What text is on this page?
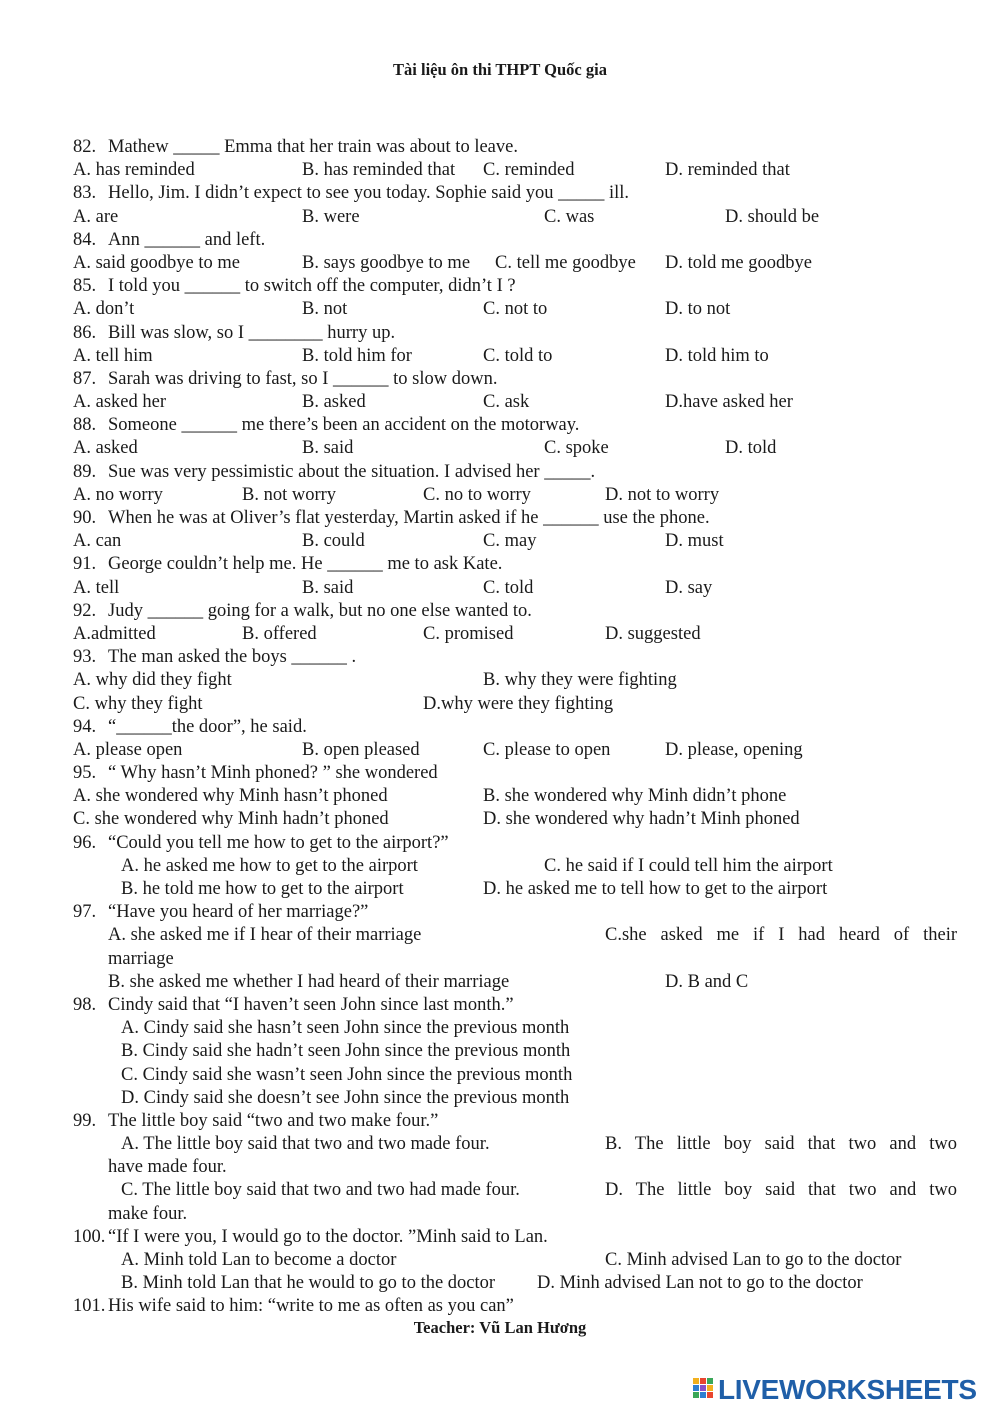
Tài liệu ôn thi THPT Quốc gia
82. Mathew _____ Emma that her train was about to leave.
A. has reminded	B. has reminded that C. reminded	D. reminded that
83. Hello, Jim. I didn’t expect to see you today. Sophie said you _____ ill.
A. are	B. were	C. was	D. should be
84. Ann ______ and left.
A. said goodbye to me	B. says goodbye to me C. tell me goodbye D. told me goodbye
85. I told you ______ to switch off the computer, didn’t I ?
A. don’t	B. not	C. not to	D. to not
86. Bill was slow, so I ________ hurry up.
A. tell him	B. told him for	C. told to	D. told him to
87. Sarah was driving to fast, so I ______ to slow down.
A. asked her	B. asked	C. ask	D.have asked her
88. Someone ______ me there’s been an accident on the motorway.
A. asked	B. said	C. spoke	D. told
89. Sue was very pessimistic about the situation. I advised her _____.
A. no worry	B. not worry	C. no to worry	D. not to worry
90. When he was at Oliver’s flat yesterday, Martin asked if he ______ use the phone.
A. can	B. could	C. may	D. must
91. George couldn’t help me. He ______ me to ask Kate.
A. tell	B. said	C. told	D. say
92. Judy ______ going for a walk, but no one else wanted to.
A.admitted	B. offered	C. promised	D. suggested
93. The man asked the boys ______ .
A. why did they fight	B. why they were fighting
C. why they fight	D.why were they fighting
94. “______the door”, he said.
A. please open	B. open pleased	C. please to open	D. please, opening
95. “ Why hasn’t Minh phoned? ” she wondered
A. she wondered why Minh hasn’t phoned	B. she wondered why Minh didn’t phone
C. she wondered why Minh hadn’t phoned	D. she wondered why hadn’t Minh phoned
96. “Could you tell me how to get to the airport?”
A. he asked me how to get to the airport	C. he said if I could tell him the airport
B. he told me how to get to the airport	D. he asked me to tell how to get to the airport
97. “Have you heard of her marriage?”
A. she asked me if I hear of their marriage	C.she asked me if I had heard of their
marriage
B. she asked me whether I had heard of their marriage	D. B and C
98. Cindy said that “I haven’t seen John since last month.”
A. Cindy said she hasn’t seen John since the previous month
B. Cindy said she hadn’t seen John since the previous month
C. Cindy said she wasn’t seen John since the previous month
D. Cindy said she doesn’t see John since the previous month
99. The little boy said “two and two make four.”
A. The little boy said that two and two made four.	B. The little boy said that two and two
have made four.
C. The little boy said that two and two had made four.	D. The little boy said that two and two
make four.
100. “If I were you, I would go to the doctor. ”Minh said to Lan.
A. Minh told Lan to become a doctor	C. Minh advised Lan to go to the doctor
B. Minh told Lan that he would to go to the doctor D. Minh advised Lan not to go to the doctor
101. His wife said to him: “write to me as often as you can”
Teacher: Vũ Lan Hương
LIVEWORKSHEETS
